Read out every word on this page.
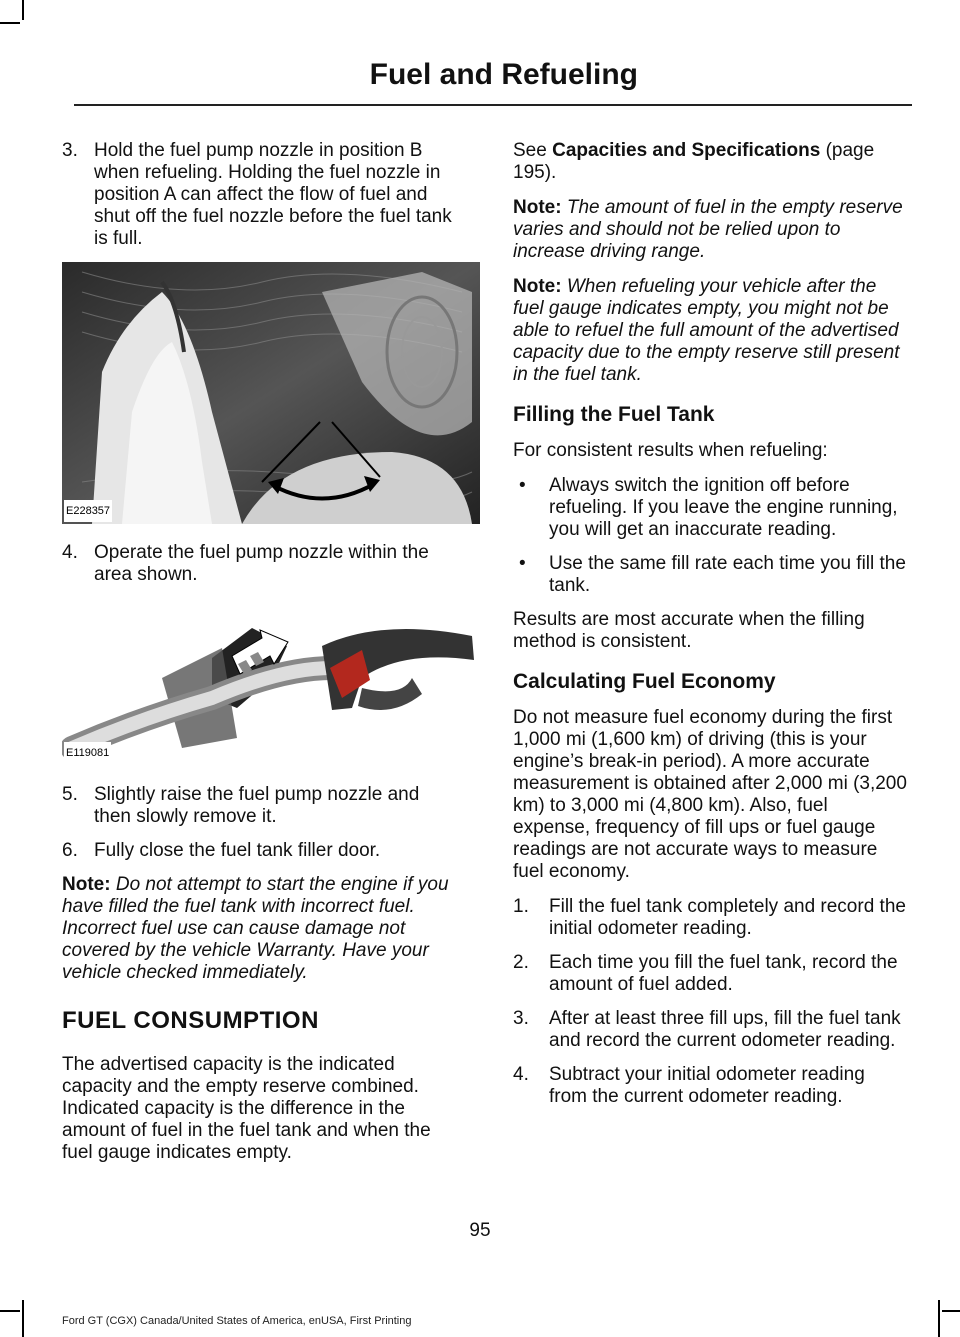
Fuel and Refueling
3. Hold the fuel pump nozzle in position B when refueling. Holding the fuel nozzle in position A can affect the flow of fuel and shut off the fuel nozzle before the fuel tank is full.
E228357
4. Operate the fuel pump nozzle within the area shown.
E119081
5. Slightly raise the fuel pump nozzle and then slowly remove it.
6. Fully close the fuel tank filler door.

Note: Do not attempt to start the engine if you have filled the fuel tank with incorrect fuel. Incorrect fuel use can cause damage not covered by the vehicle Warranty. Have your vehicle checked immediately.

FUEL CONSUMPTION

The advertised capacity is the indicated capacity and the empty reserve combined. Indicated capacity is the difference in the amount of fuel in the fuel tank and when the fuel gauge indicates empty.

See Capacities and Specifications (page 195).

Note: The amount of fuel in the empty reserve varies and should not be relied upon to increase driving range.

Note: When refueling your vehicle after the fuel gauge indicates empty, you might not be able to refuel the full amount of the advertised capacity due to the empty reserve still present in the fuel tank.

Filling the Fuel Tank

For consistent results when refueling:

•	Always switch the ignition off before refueling. If you leave the engine running, you will get an inaccurate reading.
•	Use the same fill rate each time you fill the tank.

Results are most accurate when the filling method is consistent.

Calculating Fuel Economy

Do not measure fuel economy during the first 1,000 mi (1,600 km) of driving (this is your engine’s break-in period). A more accurate measurement is obtained after 2,000 mi (3,200 km) to 3,000 mi (4,800 km). Also, fuel expense, frequency of fill ups or fuel gauge readings are not accurate ways to measure fuel economy.

1.	Fill the fuel tank completely and record the initial odometer reading.
2.	Each time you fill the fuel tank, record the amount of fuel added.
3.	After at least three fill ups, fill the fuel tank and record the current odometer reading.
4.	Subtract your initial odometer reading from the current odometer reading.
95
Ford GT (CGX) Canada/United States of America, enUSA, First Printing
